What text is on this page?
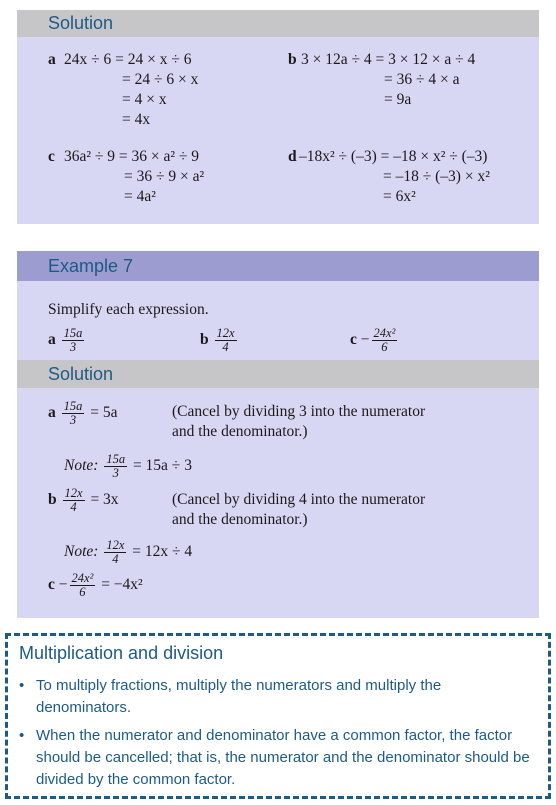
Solution
a 24x ÷ 6 = 24 × x ÷ 6
= 24 ÷ 6 × x
= 4 × x
= 4x
b 3 × 12a ÷ 4 = 3 × 12 × a ÷ 4
= 36 ÷ 4 × a
= 9a
c 36a² ÷ 9 = 36 × a² ÷ 9
= 36 ÷ 9 × a²
= 4a²
d –18x² ÷ (–3) = –18 × x² ÷ (–3)
= –18 ÷ (–3) × x²
= 6x²
Example 7
Simplify each expression.
a $\frac{15a}{3}$	b $\frac{12x}{4}$	$c - \frac{\text{24x²}}{6}$
Solution
a $\frac{15a}{3} = 5a$	(Cancel by dividing 3 into the numerator
and the denominator.)
Note: $\frac{15a}{3} = 15a \div 3$
b $\frac{12x}{4} = 3x$	(Cancel by dividing 4 into the numerator
and the denominator.)
Note: $\frac{12x}{4} = 12x \div 4$
$c - \frac{\text{24x²}}{6} = -4x^2$
Multiplication and division
• To multiply fractions, multiply the numerators and multiply the denominators.
• When the numerator and denominator have a common factor, the factor should be cancelled; that is, the numerator and the denominator should be divided by the common factor.
